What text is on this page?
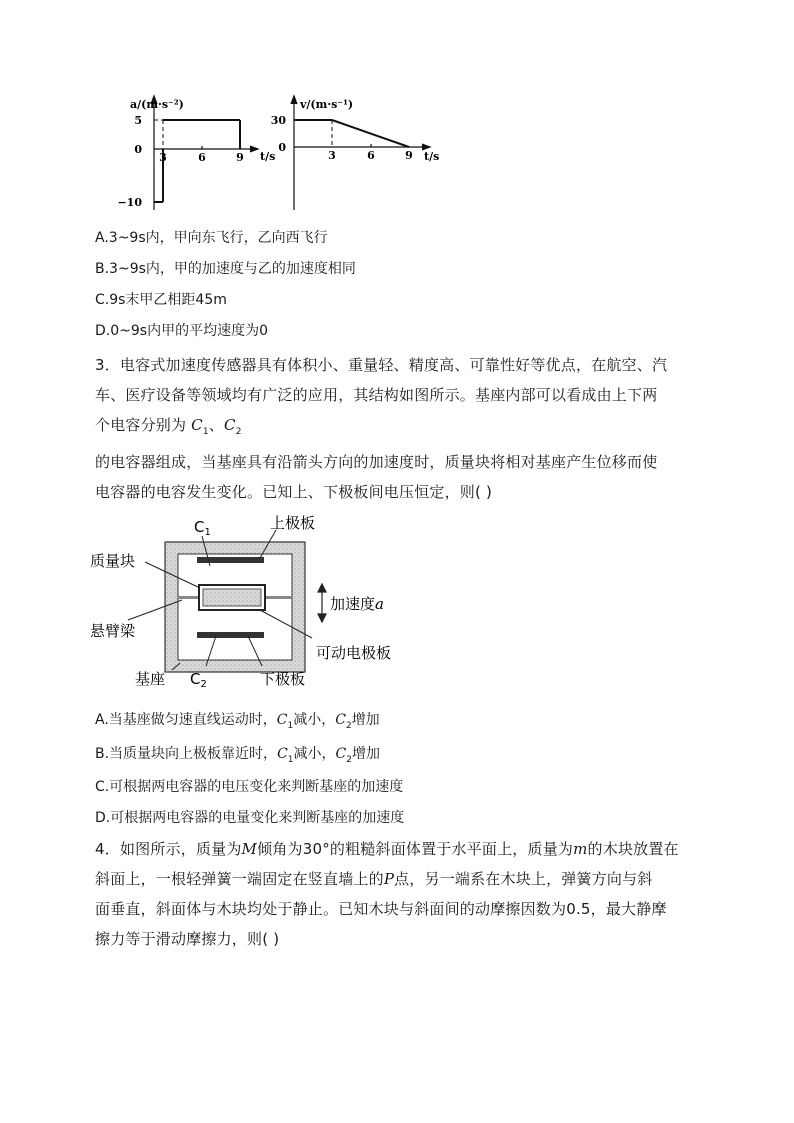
a/(m·s⁻²)
t/s
5
0
−10
3	6	9
v/(m·s⁻¹)
t/s
30
0
3	6	9
A.3~9s内，甲向东飞行，乙向西飞行
B.3~9s内，甲的加速度与乙的加速度相同
C.9s末甲乙相距45m
D.0~9s内甲的平均速度为0
3．电容式加速度传感器具有体积小、重量轻、精度高、可靠性好等优点，在航空、汽
车、医疗设备等领域均有广泛的应用，其结构如图所示。基座内部可以看成由上下两
个电容分别为 $C_1$、$C_2$
的电容器组成，当基座具有沿箭头方向的加速度时，质量块将相对基座产生位移而使
电容器的电容发生变化。已知上、下极板间电压恒定，则( )
$C_1$
上极板
质量块
加速度a
悬臂梁
可动电极板
基座 $C_2$	下极板
A.当基座做匀速直线运动时，$C_1$减小，$C_2$增加
B.当质量块向上极板靠近时，$C_1$减小，$C_2$增加
C.可根据两电容器的电压变化来判断基座的加速度
D.可根据两电容器的电量变化来判断基座的加速度
4．如图所示，质量为M倾角为30°的粗糙斜面体置于水平面上，质量为m的木块放置在
斜面上，一根轻弹簧一端固定在竖直墙上的P点，另一端系在木块上，弹簧方向与斜
面垂直，斜面体与木块均处于静止。已知木块与斜面间的动摩擦因数为0.5，最大静摩
擦力等于滑动摩擦力，则( )
